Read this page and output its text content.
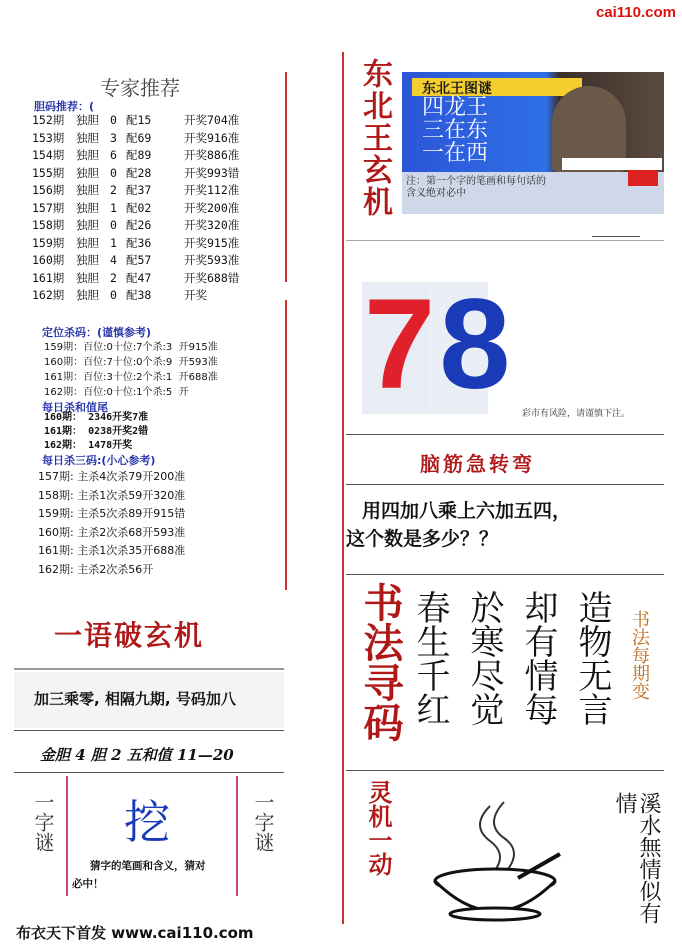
cai110.com
专家推荐
胆码推荐：(
152期 独胆 0 配15	开奖704准
153期 独胆 3 配69	开奖916准
154期 独胆 6 配89	开奖886准
155期 独胆 0 配28	开奖993错
156期 独胆 2 配37	开奖112准
157期 独胆 1 配02	开奖200准
158期 独胆 0 配26	开奖320准
159期 独胆 1 配36	开奖915准
160期 独胆 4 配57	开奖593准
161期 独胆 2 配47	开奖688错
162期 独胆 0 配38	开奖
定位杀码：(谨慎参考)
159期：百位:0十位:7个杀:3  开915准
160期：百位:7十位:0个杀:9  开593准
161期：百位:3十位:2个杀:1  开688准
162期：百位:0十位:1个杀:5  开
每日杀和值尾
160期： 2346开奖7准
161期： 0238开奖2错
162期： 1478开奖
每日杀三码:(小心参考)
157期: 主杀4次杀79开200准
158期: 主杀1次杀59开320准
159期: 主杀5次杀89开915错
160期: 主杀2次杀68开593准
161期: 主杀1次杀35开688准
162期: 主杀2次杀56开
一语破玄机
加三乘零, 相隔九期, 号码加八
金胆 4 胆 2 五和值 11—20
一字谜	一字谜
挖
猜字的笔画和含义，猜对
必中！
布衣天下首发 www.cai110.com
东北王玄机 东北王图谜
四龙王
三在东
一在西
注：第一个字的笔画和每句话的含义绝对必中
78 彩市有风险，请谨慎下注。
脑筋急转弯
用四加八乘上六加五四，
这个数是多少？？
书法寻码	造物无言
却有情每
於寒尽觉
春生千红	书法每期变
灵机一动	溪水無情似有情
